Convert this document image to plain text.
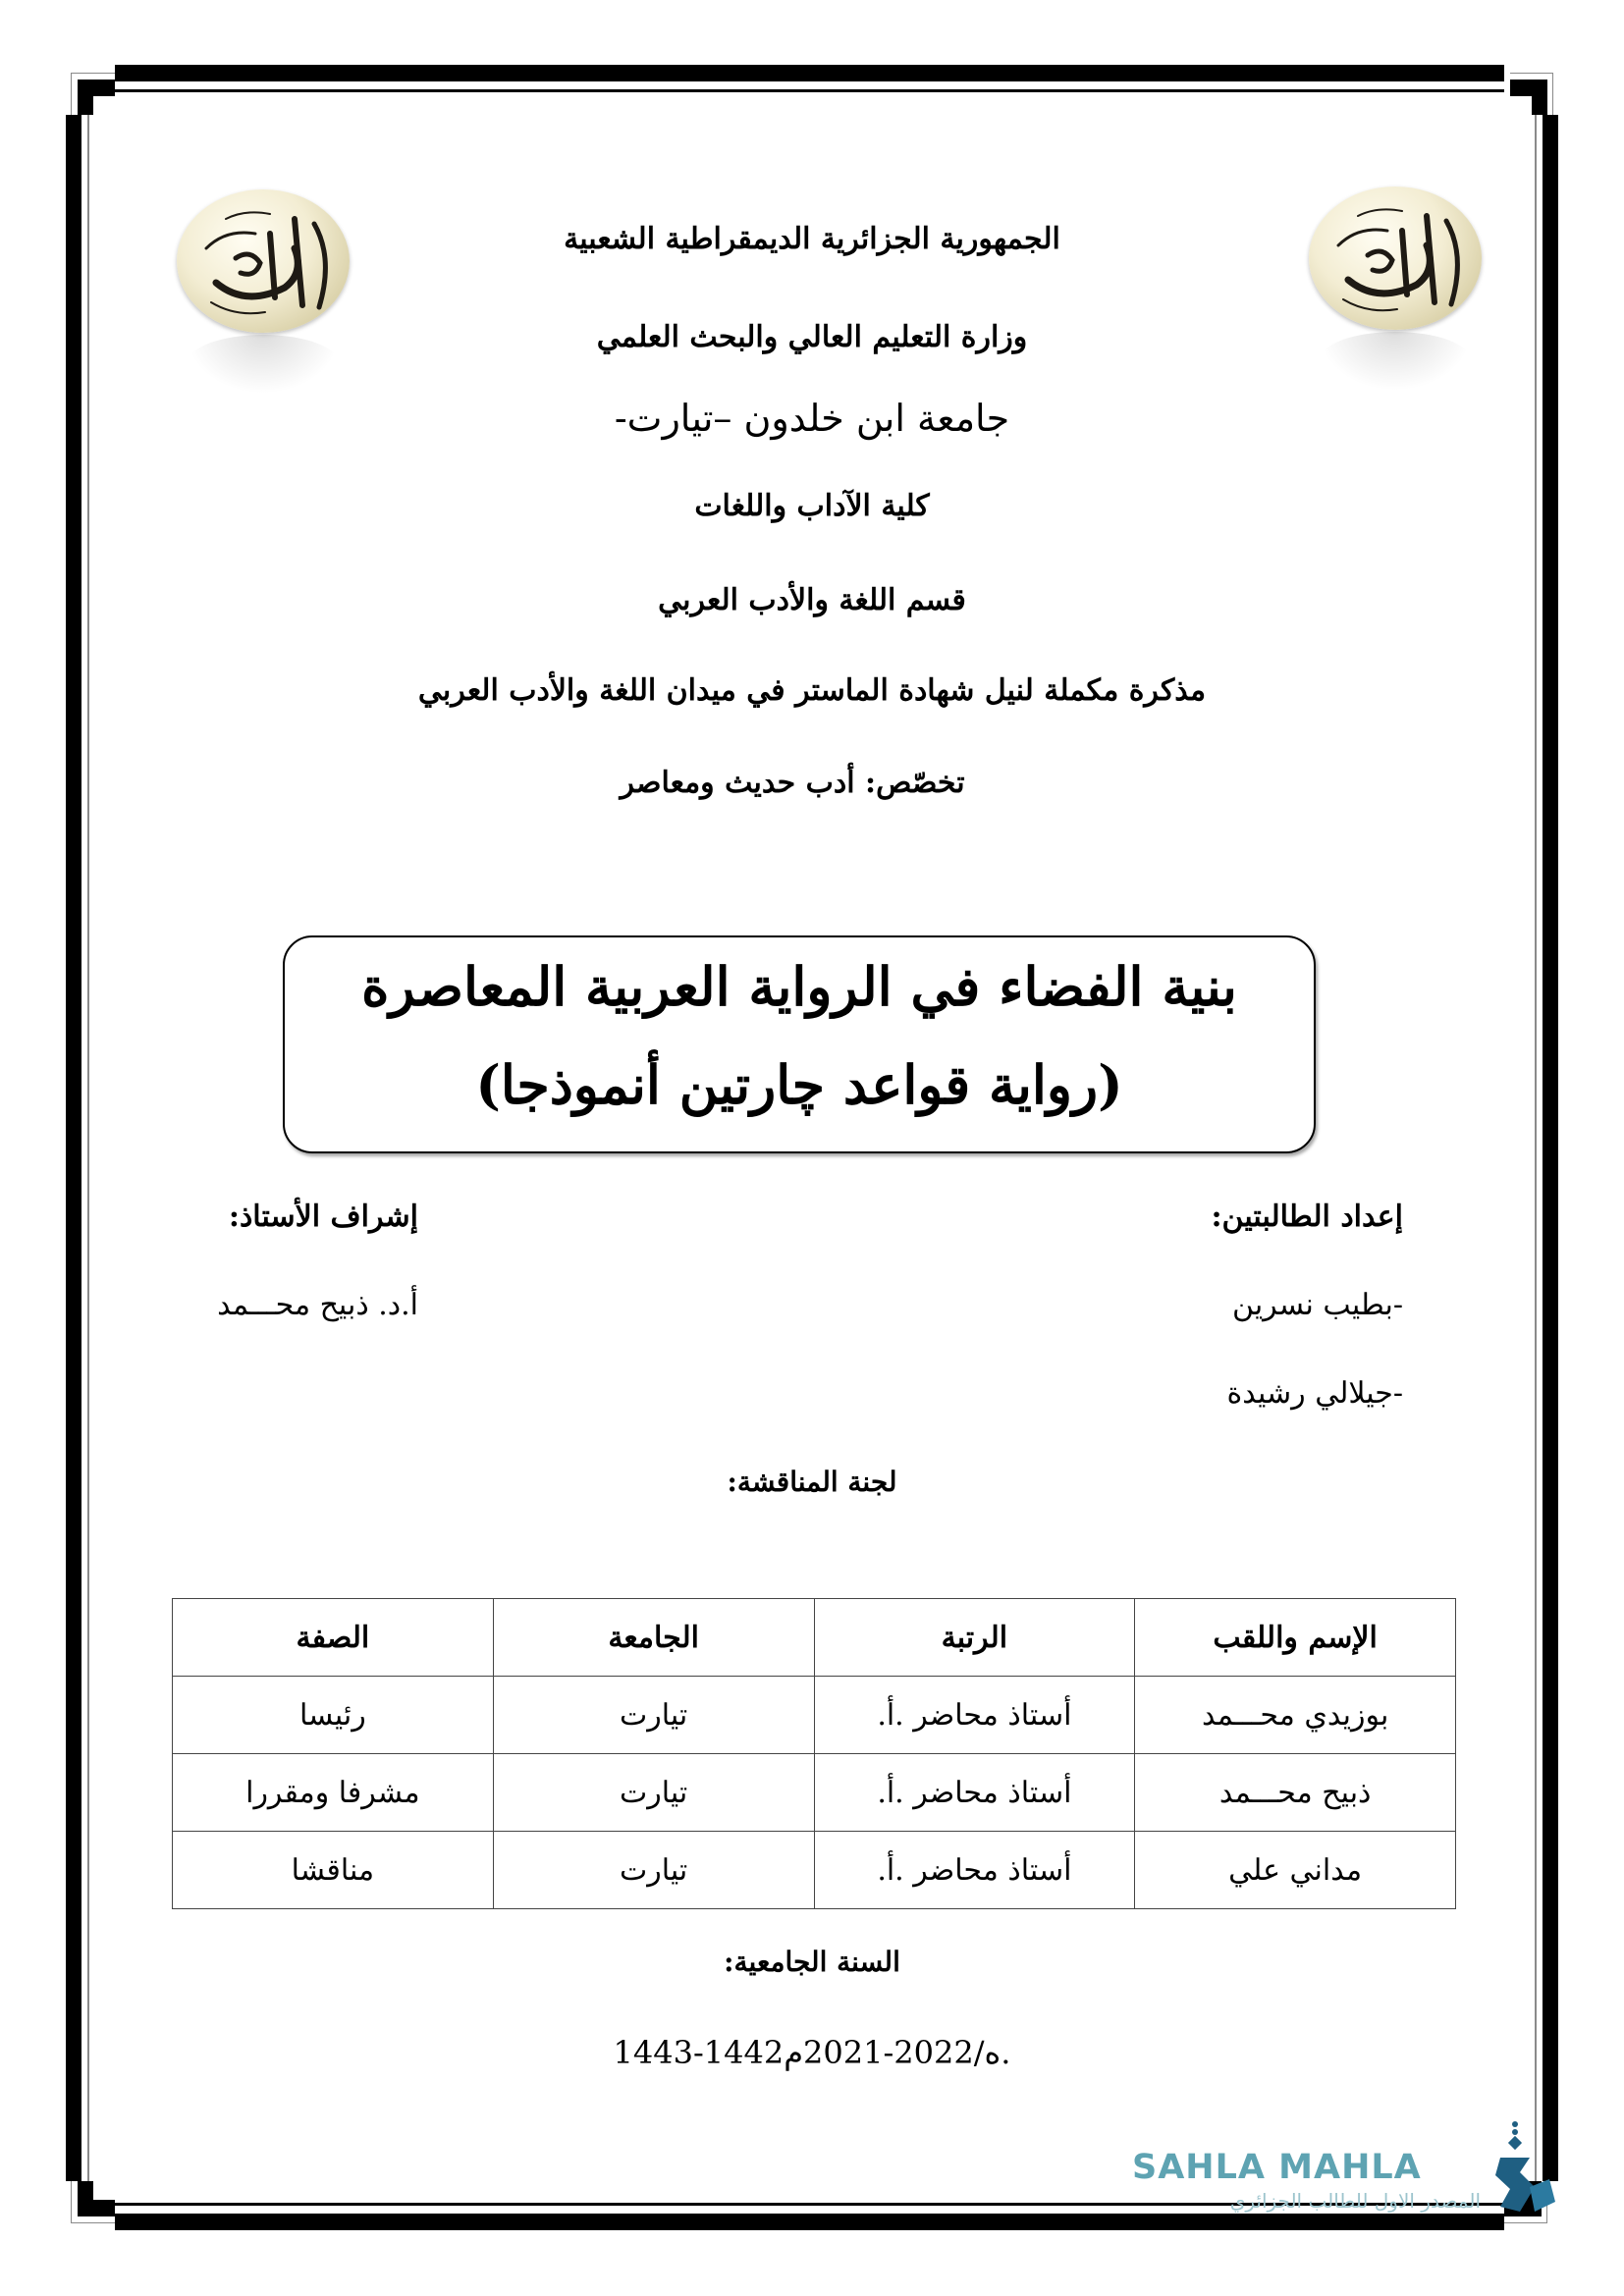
الجمهورية الجزائرية الديمقراطية الشعبية
وزارة التعليم العالي والبحث العلمي
جامعة ابن خلدون –تيارت-
كلية الآداب واللغات
قسم اللغة والأدب العربي
مذكرة مكملة لنيل شهادة الماستر في ميدان اللغة والأدب العربي
تخصّص: أدب حديث ومعاصر
بنية الفضاء في الرواية العربية المعاصرة
(رواية قواعد چارتين أنموذجا)
إعداد الطالبتين:
-بطيب نسرين
-جيلالي رشيدة
إشراف الأستاذ:
أ.د. ذبيح محـــمد
لجنة المناقشة:
الإسم واللقب	الرتبة	الجامعة	الصفة
بوزيدي محـــمد	أستاذ محاضر .أ.	تيارت	رئيسا
ذبيح محـــمد	أستاذ محاضر .أ.	تيارت	مشرفا ومقررا
مداني علي	أستاذ محاضر .أ.	تيارت	مناقشا
السنة الجامعية:
1443-1442ه/2022-2021م.
SAHLA MAHLA
المصدر الاول للطالب الجزائري
